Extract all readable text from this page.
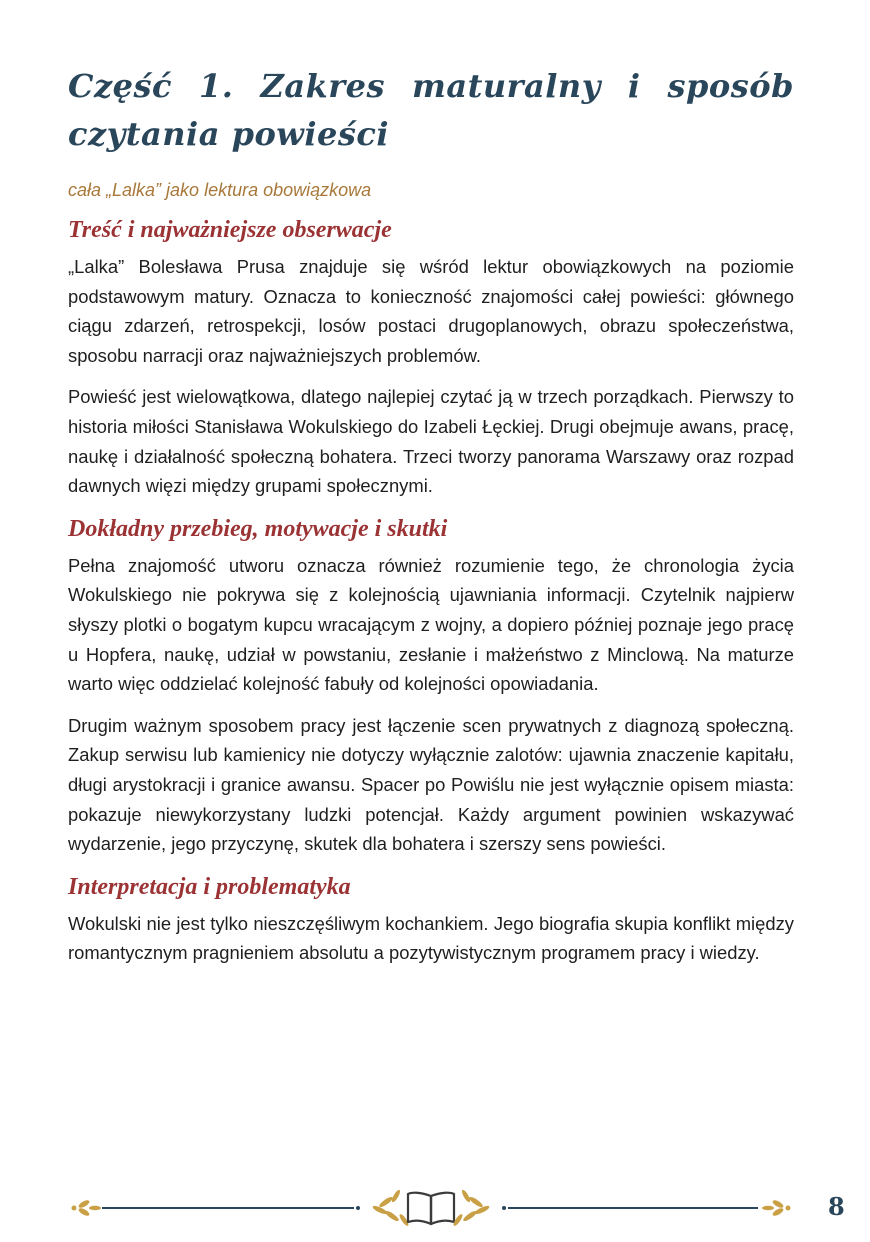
Część 1. Zakres maturalny i sposób czytania powieści

cała „Lalka” jako lektura obowiązkowa

Treść i najważniejsze obserwacje

„Lalka” Bolesława Prusa znajduje się wśród lektur obowiązkowych na poziomie podstawowym matury. Oznacza to konieczność znajomości całej powieści: głównego ciągu zdarzeń, retrospekcji, losów postaci drugoplanowych, obrazu społeczeństwa, sposobu narracji oraz najważniejszych problemów.

Powieść jest wielowątkowa, dlatego najlepiej czytać ją w trzech porządkach. Pierwszy to historia miłości Stanisława Wokulskiego do Izabeli Łęckiej. Drugi obejmuje awans, pracę, naukę i działalność społeczną bohatera. Trzeci tworzy panorama Warszawy oraz rozpad dawnych więzi między grupami społecznymi.

Dokładny przebieg, motywacje i skutki

Pełna znajomość utworu oznacza również rozumienie tego, że chronologia życia Wokulskiego nie pokrywa się z kolejnością ujawniania informacji. Czytelnik najpierw słyszy plotki o bogatym kupcu wracającym z wojny, a dopiero później poznaje jego pracę u Hopfera, naukę, udział w powstaniu, zesłanie i małżeństwo z Minclową. Na maturze warto więc oddzielać kolejność fabuły od kolejności opowiadania.

Drugim ważnym sposobem pracy jest łączenie scen prywatnych z diagnozą społeczną. Zakup serwisu lub kamienicy nie dotyczy wyłącznie zalotów: ujawnia znaczenie kapitału, długi arystokracji i granice awansu. Spacer po Powiślu nie jest wyłącznie opisem miasta: pokazuje niewykorzystany ludzki potencjał. Każdy argument powinien wskazywać wydarzenie, jego przyczynę, skutek dla bohatera i szerszy sens powieści.

Interpretacja i problematyka

Wokulski nie jest tylko nieszczęśliwym kochankiem. Jego biografia skupia konflikt między romantycznym pragnieniem absolutu a pozytywistycznym programem pracy i wiedzy.

8
